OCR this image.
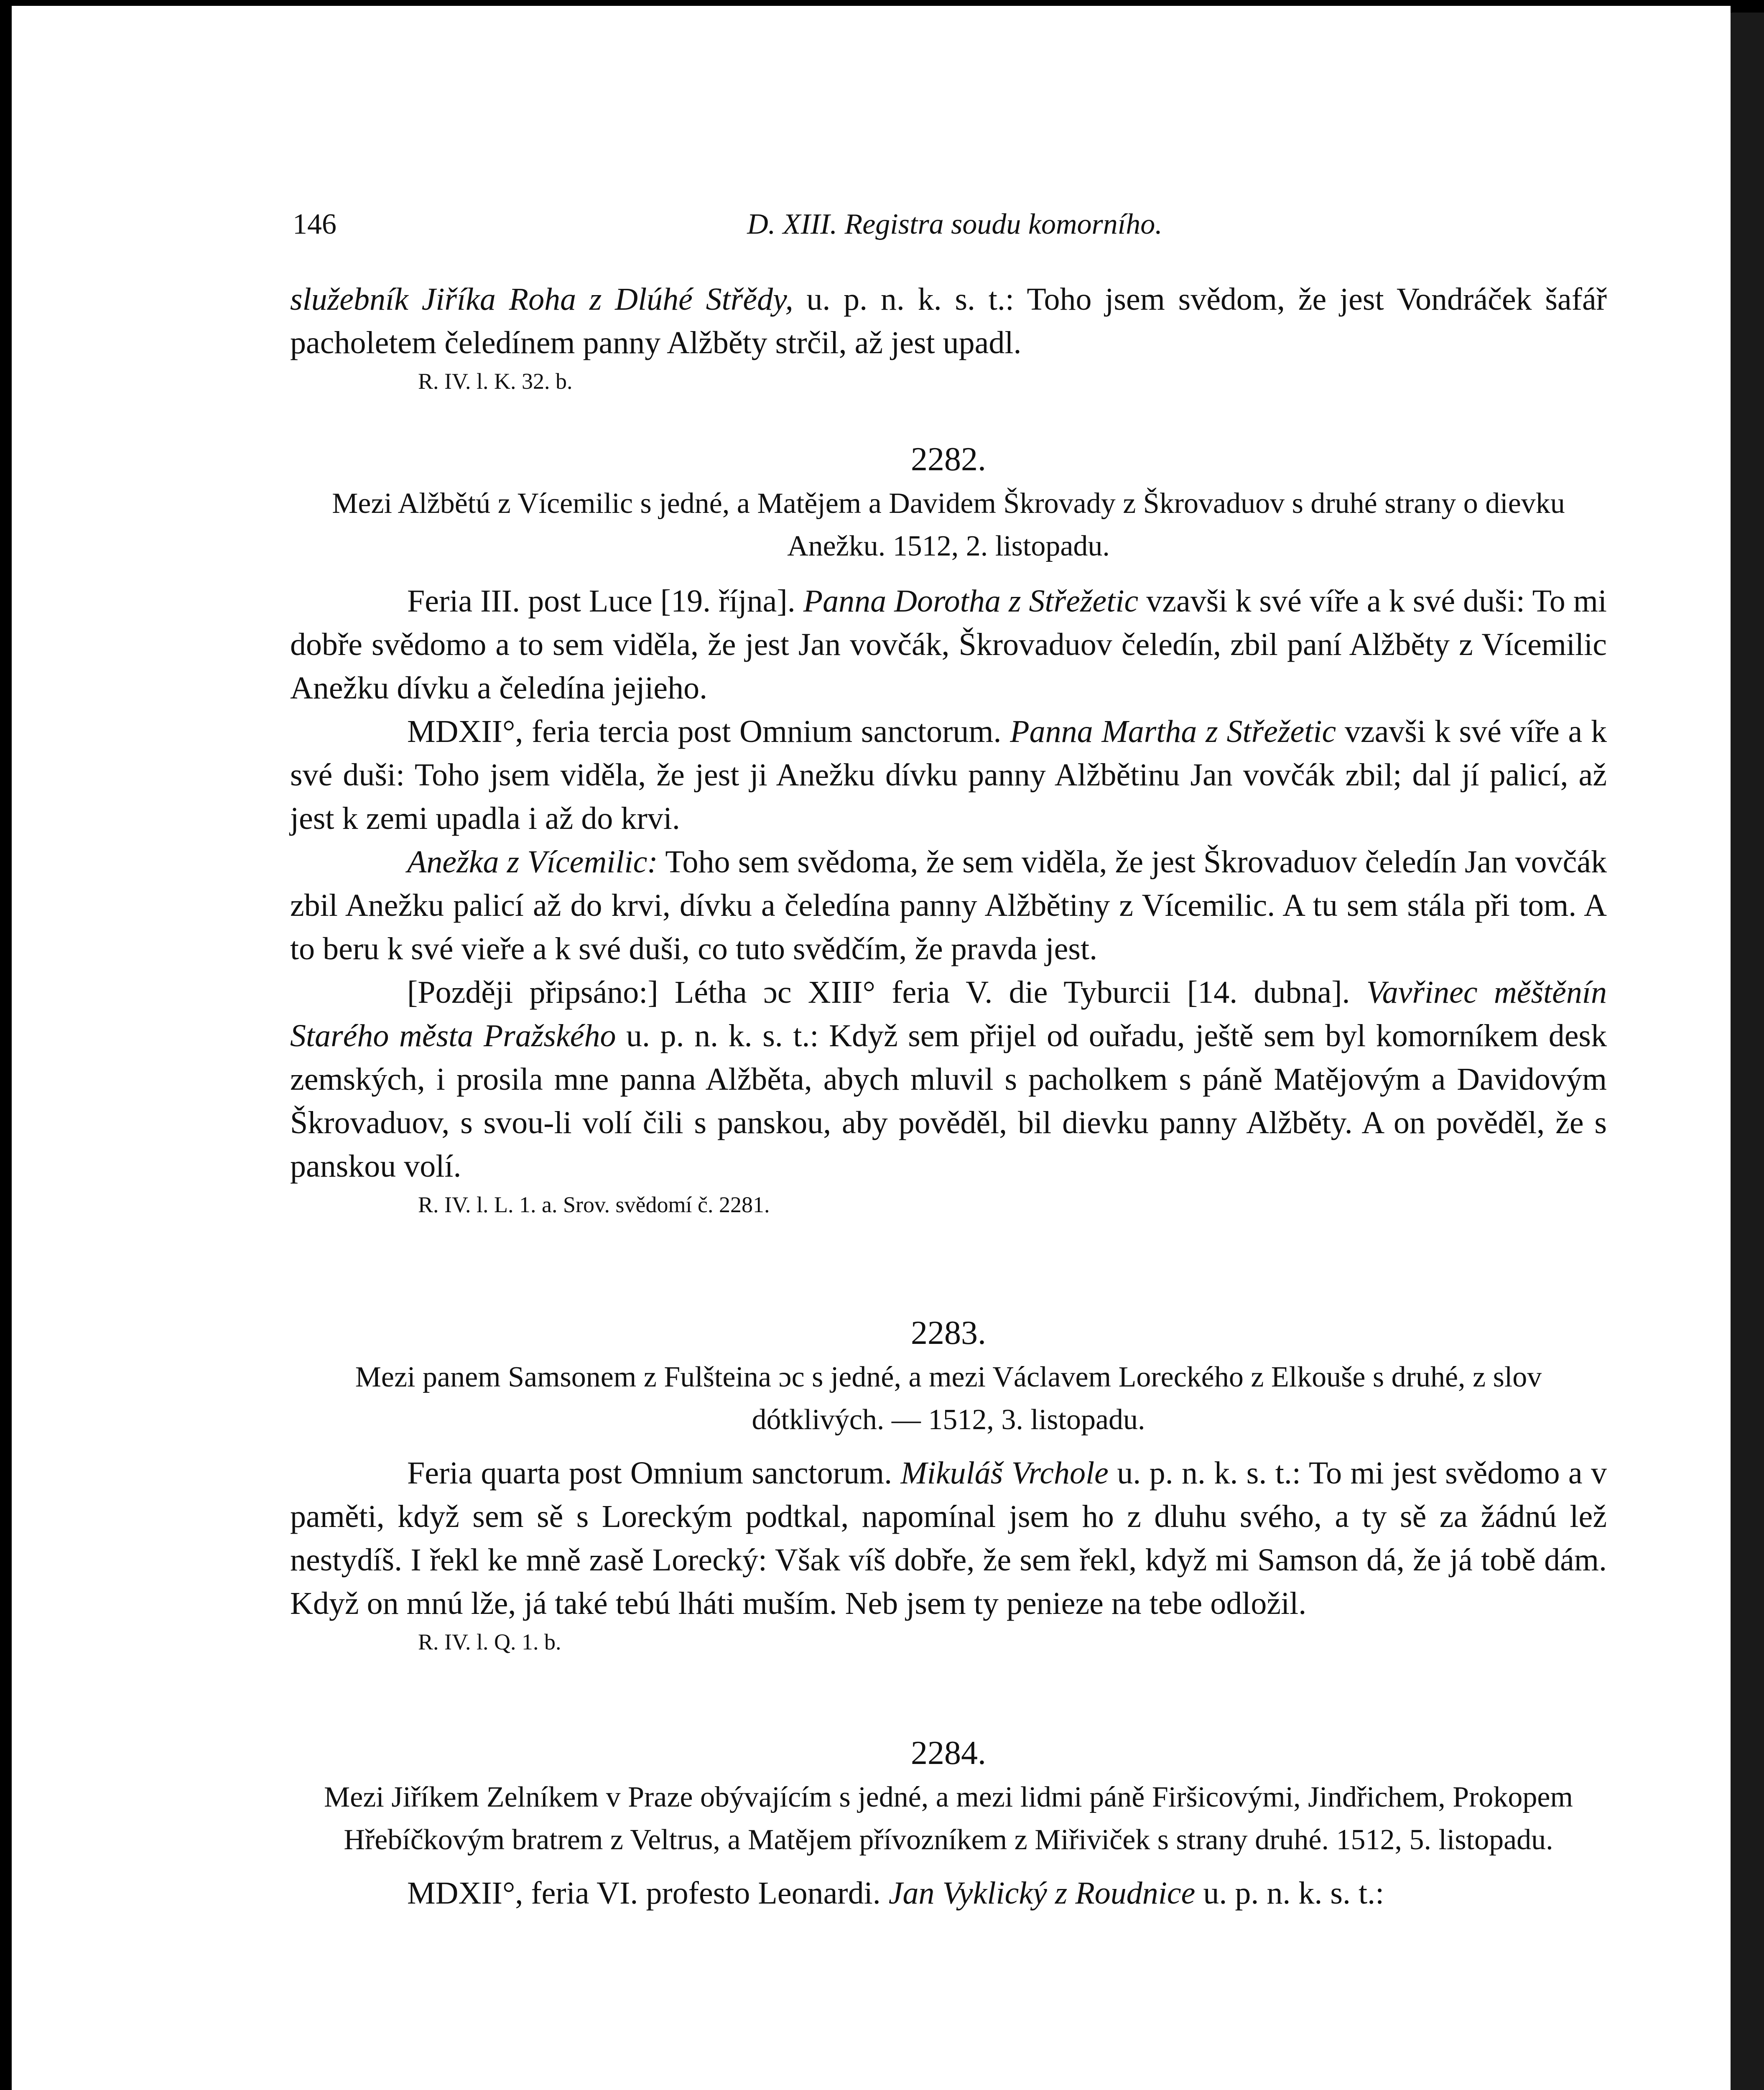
146	D. XIII. Registra soudu komorního.

služebník Jiříka Roha z Dlúhé Střědy, u. p. n. k. s. t.: Toho jsem svědom, že jest Vondráček šafář pacholetem čeledínem panny Alžběty strčil, až jest upadl.

R. IV. l. K. 32. b.

2282.

Mezi Alžbětú z Vícemilic s jedné, a Matějem a Davidem Škrovady z Škrovaduov s druhé strany o dievku Anežku. 1512, 2. listopadu.

Feria III. post Luce [19. října]. Panna Dorotha z Střežetic vzavši k své víře a k své duši: To mi dobře svědomo a to sem viděla, že jest Jan vovčák, Škrovaduov čeledín, zbil paní Alžběty z Vícemilic Anežku dívku a čeledína jejieho.

MDXII°, feria tercia post Omnium sanctorum. Panna Martha z Střežetic vzavši k své víře a k své duši: Toho jsem viděla, že jest ji Anežku dívku panny Alžbětinu Jan vovčák zbil; dal jí palicí, až jest k zemi upadla i až do krvi.

Anežka z Vícemilic: Toho sem svědoma, že sem viděla, že jest Škrovaduov čeledín Jan vovčák zbil Anežku palicí až do krvi, dívku a čeledína panny Alžbětiny z Vícemilic. A tu sem stála při tom. A to beru k své vieře a k své duši, co tuto svědčím, že pravda jest.

[Později připsáno:] Létha ɔc XIII° feria V. die Tyburcii [14. dubna]. Vavřinec měštěnín Starého města Pražského u. p. n. k. s. t.: Když sem přijel od ouřadu, ještě sem byl komorníkem desk zemských, i prosila mne panna Alžběta, abych mluvil s pacholkem s páně Matějovým a Davidovým Škrovaduov, s svou-li volí čili s panskou, aby pověděl, bil dievku panny Alžběty. A on pověděl, že s panskou volí.

R. IV. l. L. 1. a. Srov. svědomí č. 2281.

2283.

Mezi panem Samsonem z Fulšteina ɔc s jedné, a mezi Václavem Loreckého z Elkouše s druhé, z slov dótklivých. — 1512, 3. listopadu.

Feria quarta post Omnium sanctorum. Mikuláš Vrchole u. p. n. k. s. t.: To mi jest svědomo a v paměti, když sem sě s Loreckým podtkal, napomínal jsem ho z dluhu svého, a ty sě za žádnú lež nestydíš. I řekl ke mně zasě Lorecký: Však víš dobře, že sem řekl, když mi Samson dá, že já tobě dám. Když on mnú lže, já také tebú lháti muším. Neb jsem ty penieze na tebe odložil.

R. IV. l. Q. 1. b.

2284.

Mezi Jiříkem Zelníkem v Praze obývajícím s jedné, a mezi lidmi páně Firšicovými, Jindřichem, Prokopem Hřebíčkovým bratrem z Veltrus, a Matějem přívozníkem z Miřiviček s strany druhé. 1512, 5. listopadu.

MDXII°, feria VI. profesto Leonardi. Jan Vyklický z Roudnice u. p. n. k. s. t.:
